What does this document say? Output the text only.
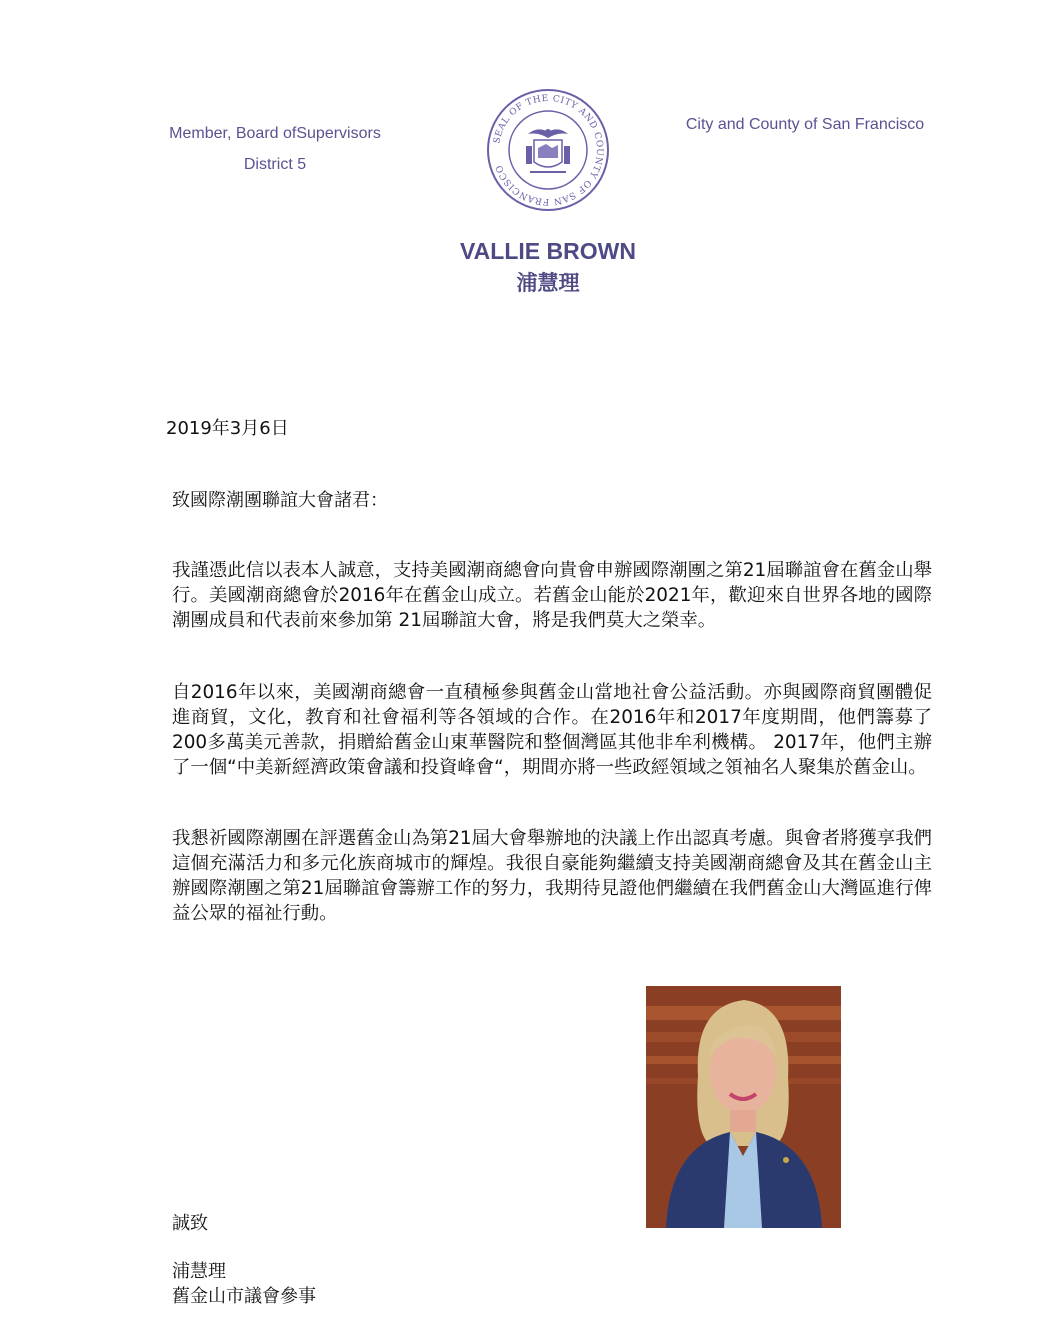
Member, Board ofSupervisors
District 5
SEAL OF THE CITY AND COUNTY OF SAN FRANCISCO
City and County of San Francisco
VALLIE BROWN
浦慧理
2019年3月6日
致國際潮團聯誼大會諸君：

我謹憑此信以表本人誠意，支持美國潮商總會向貴會申辦國際潮團之第21屆聯誼會在舊金山舉行。美國潮商總會於2016年在舊金山成立。若舊金山能於2021年，歡迎來自世界各地的國際潮團成員和代表前來參加第 21屆聯誼大會，將是我們莫大之榮幸。

自2016年以來，美國潮商總會一直積極參與舊金山當地社會公益活動。亦與國際商貿團體促進商貿，文化，教育和社會福利等各領域的合作。在2016年和2017年度期間，他們籌募了200多萬美元善款，捐贈給舊金山東華醫院和整個灣區其他非牟利機構。 2017年，他們主辦了一個“中美新經濟政策會議和投資峰會“，期間亦將一些政經領域之領袖名人聚集於舊金山。

我懇祈國際潮團在評選舊金山為第21屆大會舉辦地的決議上作出認真考慮。與會者將獲享我們這個充滿活力和多元化族商城市的輝煌。我很自豪能夠繼續支持美國潮商總會及其在舊金山主辦國際潮團之第21屆聯誼會籌辦工作的努力，我期待見證他們繼續在我們舊金山大灣區進行俾益公眾的福祉行動。

誠致
浦慧理
舊金山市議會參事
